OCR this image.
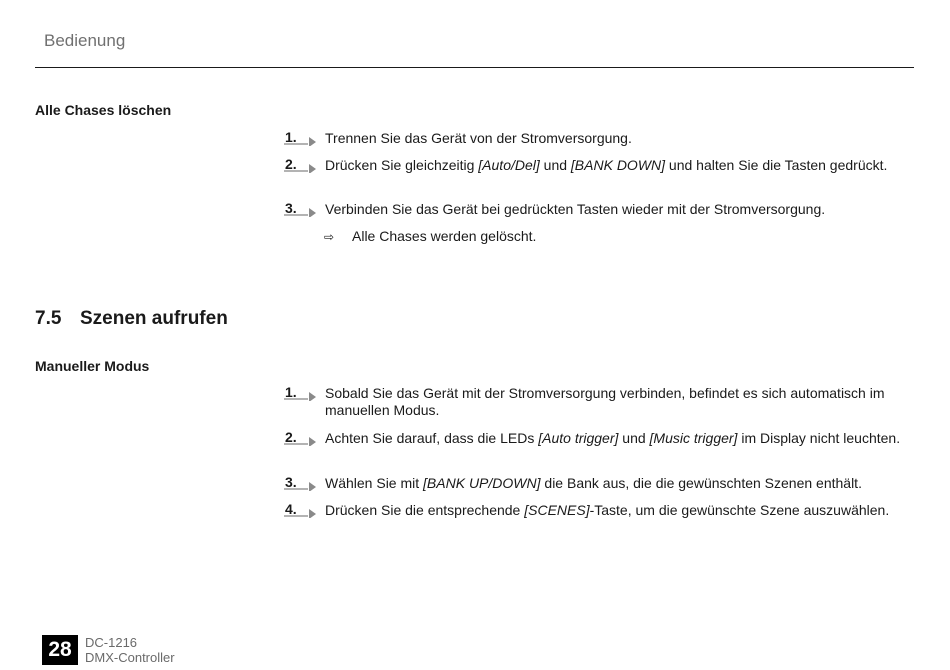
Bedienung
Alle Chases löschen
1. Trennen Sie das Gerät von der Stromversorgung.
2. Drücken Sie gleichzeitig [Auto/Del] und [BANK DOWN] und halten Sie die Tasten gedrückt.
3. Verbinden Sie das Gerät bei gedrückten Tasten wieder mit der Stromversorgung.
⇨ Alle Chases werden gelöscht.
7.5 Szenen aufrufen
Manueller Modus
1. Sobald Sie das Gerät mit der Stromversorgung verbinden, befindet es sich automatisch im manuellen Modus.
2. Achten Sie darauf, dass die LEDs [Auto trigger] und [Music trigger] im Display nicht leuchten.
3. Wählen Sie mit [BANK UP/DOWN] die Bank aus, die die gewünschten Szenen enthält.
4. Drücken Sie die entsprechende [SCENES]-Taste, um die gewünschte Szene auszuwählen.
28	DC-1216
DMX-Controller
